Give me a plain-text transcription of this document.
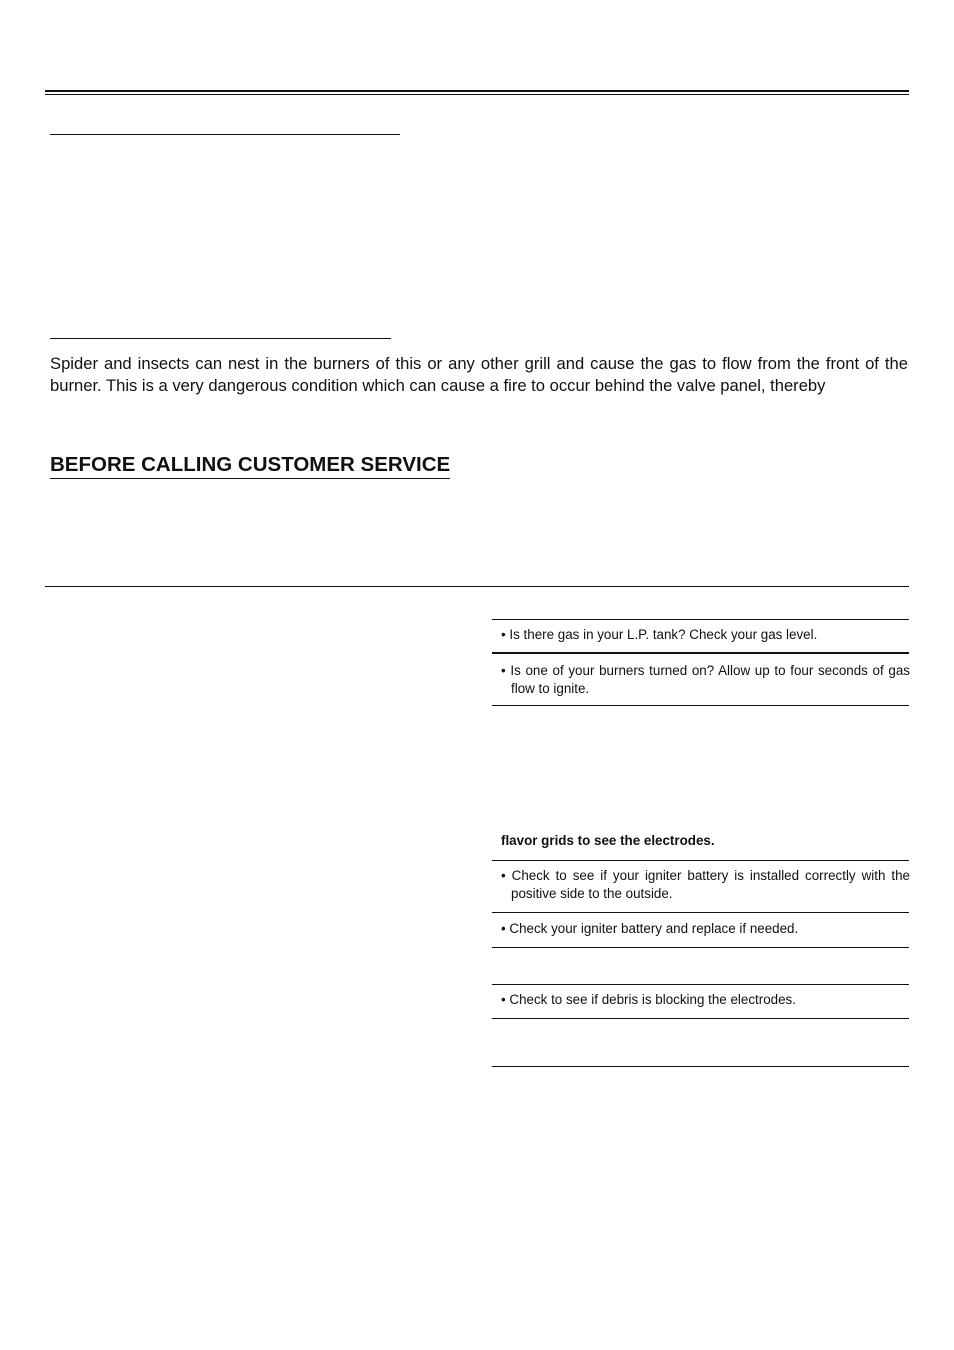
Spider and insects can nest in the burners of this or any other grill and cause the gas to flow from the front of the burner. This is a very dangerous condition which can cause a fire to occur behind the valve panel, thereby
BEFORE CALLING CUSTOMER SERVICE
• Is there gas in your L.P. tank? Check your gas level.
• Is one of your burners turned on? Allow up to four seconds of gas flow to ignite.
flavor grids to see the electrodes.
• Check to see if your igniter battery is installed correctly with the positive side to the outside.
• Check your igniter battery and replace if needed.
• Check to see if debris is blocking the electrodes.
